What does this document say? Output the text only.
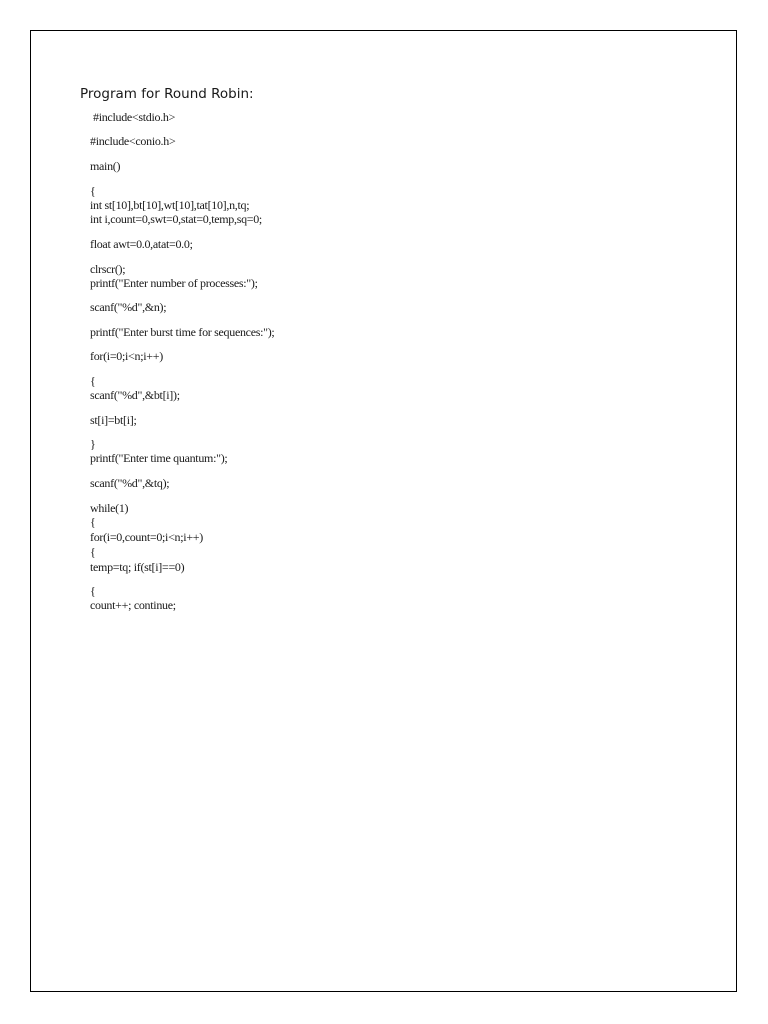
Program for Round Robin:
#include<stdio.h>
#include<conio.h>
main()
{
int st[10],bt[10],wt[10],tat[10],n,tq;
int i,count=0,swt=0,stat=0,temp,sq=0;
float awt=0.0,atat=0.0;
clrscr();
printf("Enter number of processes:");
scanf("%d",&n);
printf("Enter burst time for sequences:");
for(i=0;i<n;i++)
{
scanf("%d",&bt[i]);
st[i]=bt[i];
}
printf("Enter time quantum:");
scanf("%d",&tq);
while(1)
{
for(i=0,count=0;i<n;i++)
{
temp=tq; if(st[i]==0)
{
count++; continue;
